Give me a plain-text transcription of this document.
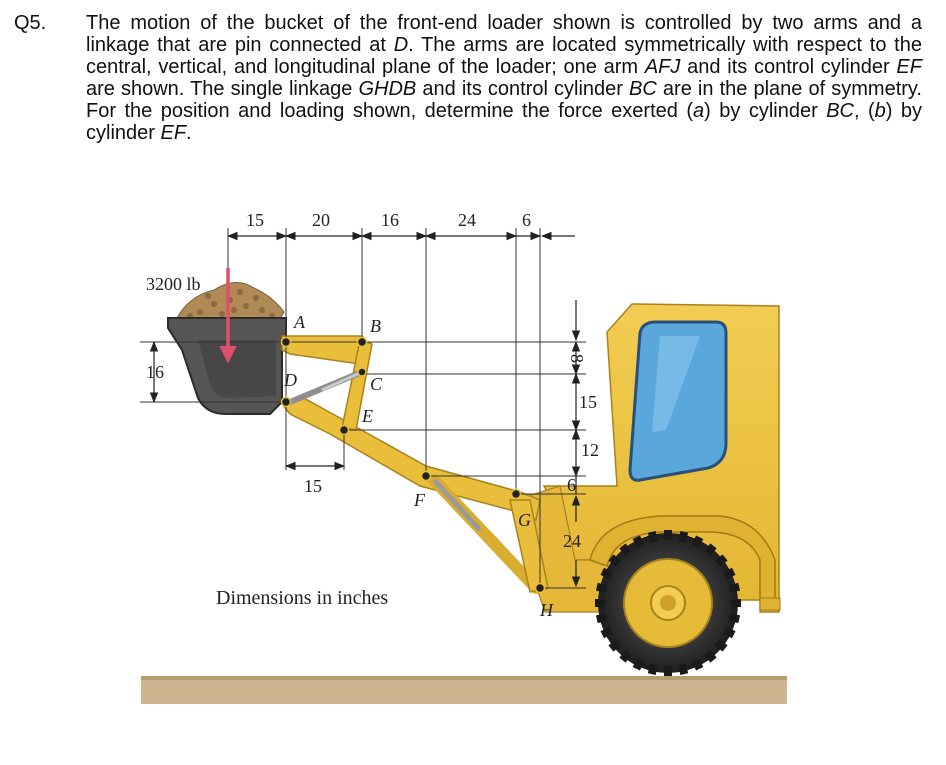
Q5. The motion of the bucket of the front-end loader shown is controlled by two arms and a linkage that are pin connected at D. The arms are located symmetrically with respect to the central, vertical, and longitudinal plane of the loader; one arm AFJ and its control cylinder EF are shown. The single linkage GHDB and its control cylinder BC are in the plane of symmetry. For the position and loading shown, determine the force exerted (a) by cylinder BC, (b) by cylinder EF.

15	20	16	24	6
3200 lb
16
15
8
15
12
6
24
A	B
C
D
E
F
G
H
Dimensions in inches
